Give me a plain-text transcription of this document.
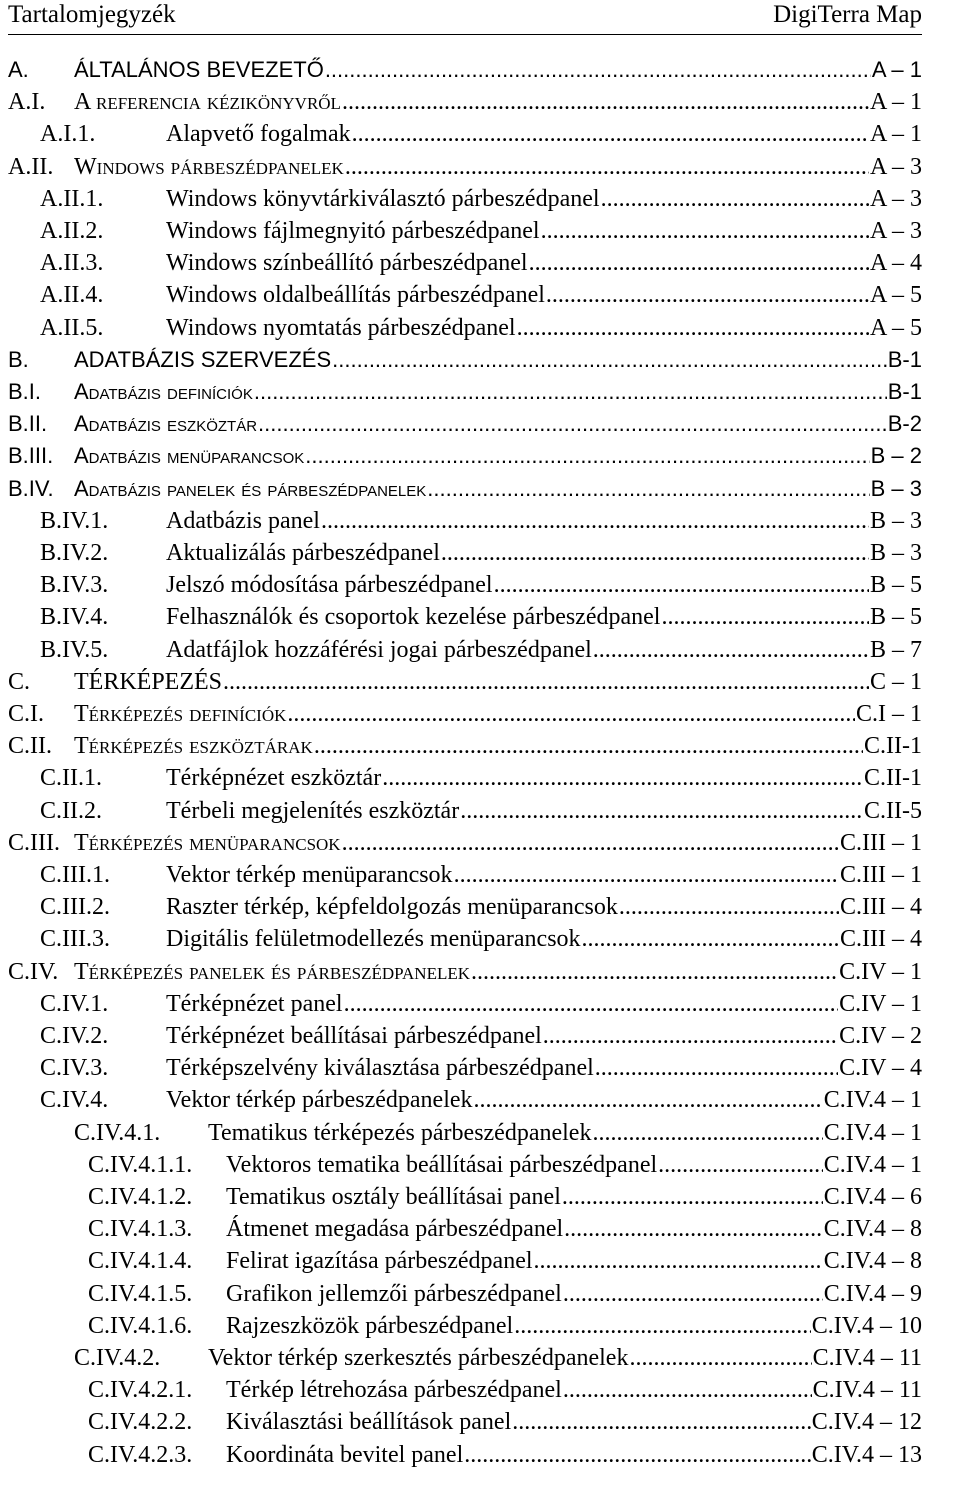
Tartalomjegyzék	DigiTerra Map
A. ÁLTALÁNOS BEVEZETŐ .....	A – 1
A.I. A referencia kézikönyvről .....	A – 1
A.I.1.	Alapvető fogalmak .....	A – 1
A.II. Windows párbeszédpanelek .....	A – 3
A.II.1.	Windows könyvtárkiválasztó párbeszédpanel .....	A – 3
A.II.2.	Windows fájlmegnyitó párbeszédpanel .....	A – 3
A.II.3.	Windows színbeállító párbeszédpanel .....	A – 4
A.II.4.	Windows oldalbeállítás párbeszédpanel .....	A – 5
A.II.5.	Windows nyomtatás párbeszédpanel .....	A – 5
B. ADATBÁZIS SZERVEZÉS .....	B-1
B.I. Adatbázis definíciók .....	B-1
B.II. Adatbázis eszköztár .....	B-2
B.III. Adatbázis menüparancsok .....	B – 2
B.IV. Adatbázis panelek és párbeszédpanelek .....	B – 3
B.IV.1. Adatbázis panel .....	B – 3
B.IV.2. Aktualizálás párbeszédpanel .....	B – 3
B.IV.3. Jelszó módosítása párbeszédpanel .....	B – 5
B.IV.4. Felhasználók és csoportok kezelése párbeszédpanel .....	B – 5
B.IV.5. Adatfájlok hozzáférési jogai párbeszédpanel .....	B – 7
C. TÉRKÉPEZÉS .....	C – 1
C.I. Térképezés definíciók .....	C.I – 1
C.II. Térképezés eszköztárak .....	C.II-1
C.II.1.	Térképnézet eszköztár .....	C.II-1
C.II.2.	Térbeli megjelenítés eszköztár .....	C.II-5
C.III. Térképezés menüparancsok .....	C.III – 1
C.III.1. Vektor térkép menüparancsok .....	C.III – 1
C.III.2. Raszter térkép, képfeldolgozás menüparancsok .....	C.III – 4
C.III.3. Digitális felületmodellezés menüparancsok .....	C.III – 4
C.IV. Térképezés panelek és párbeszédpanelek .....	C.IV – 1
C.IV.1. Térképnézet panel .....	C.IV – 1
C.IV.2. Térképnézet beállításai párbeszédpanel .....	C.IV – 2
C.IV.3. Térképszelvény kiválasztása párbeszédpanel .....	C.IV – 4
C.IV.4. Vektor térkép párbeszédpanelek .....	C.IV.4 – 1
C.IV.4.1. Tematikus térképezés párbeszédpanelek .....	C.IV.4 – 1
C.IV.4.1.1. Vektoros tematika beállításai párbeszédpanel .....	C.IV.4 – 1
C.IV.4.1.2. Tematikus osztály beállításai panel .....	C.IV.4 – 6
C.IV.4.1.3. Átmenet megadása párbeszédpanel .....	C.IV.4 – 8
C.IV.4.1.4. Felirat igazítása párbeszédpanel .....	C.IV.4 – 8
C.IV.4.1.5. Grafikon jellemzői párbeszédpanel .....	C.IV.4 – 9
C.IV.4.1.6. Rajzeszközök párbeszédpanel .....	C.IV.4 – 10
C.IV.4.2. Vektor térkép szerkesztés párbeszédpanelek .....	C.IV.4 – 11
C.IV.4.2.1. Térkép létrehozása párbeszédpanel .....	C.IV.4 – 11
C.IV.4.2.2. Kiválasztási beállítások panel .....	C.IV.4 – 12
C.IV.4.2.3. Koordináta bevitel panel .....	C.IV.4 – 13
